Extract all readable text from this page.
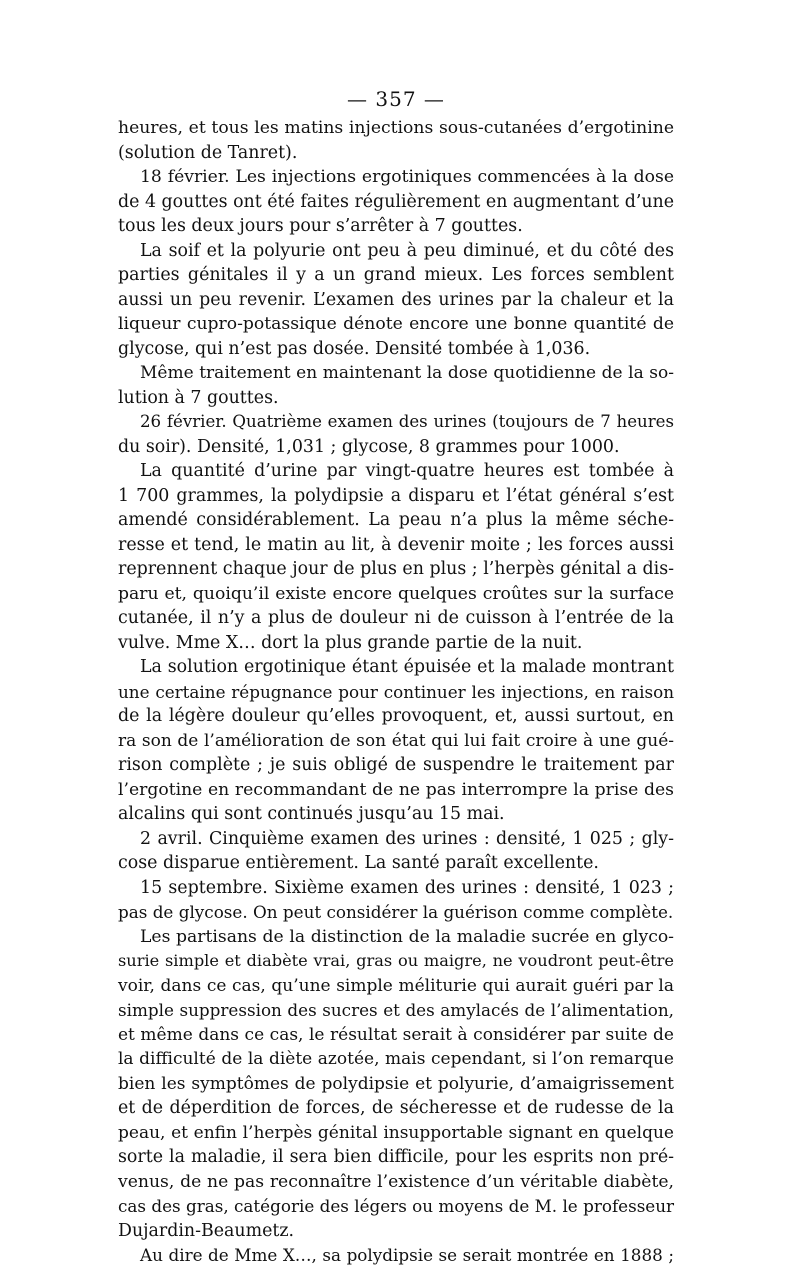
— 357 —
heures, et tous les matins injections sous-cutanées d’ergotinine
(solution de Tanret).
18 février. Les injections ergotiniques commencées à la dose
de 4 gouttes ont été faites régulièrement en augmentant d’une
tous les deux jours pour s’arrêter à 7 gouttes.
La soif et la polyurie ont peu à peu diminué, et du côté des
parties génitales il y a un grand mieux. Les forces semblent
aussi un peu revenir. L’examen des urines par la chaleur et la
liqueur cupro-potassique dénote encore une bonne quantité de
glycose, qui n’est pas dosée. Densité tombée à 1,036.
Même traitement en maintenant la dose quotidienne de la so-
lution à 7 gouttes.
26 février. Quatrième examen des urines (toujours de 7 heures
du soir). Densité, 1,031 ; glycose, 8 grammes pour 1000.
La quantité d’urine par vingt-quatre heures est tombée à
1 700 grammes, la polydipsie a disparu et l’état général s’est
amendé considérablement. La peau n’a plus la même séche-
resse et tend, le matin au lit, à devenir moite ; les forces aussi
reprennent chaque jour de plus en plus ; l’herpès génital a dis-
paru et, quoiqu’il existe encore quelques croûtes sur la surface
cutanée, il n’y a plus de douleur ni de cuisson à l’entrée de la
vulve. Mme X… dort la plus grande partie de la nuit.
La solution ergotinique étant épuisée et la malade montrant
une certaine répugnance pour continuer les injections, en raison
de la légère douleur qu’elles provoquent, et, aussi surtout, en
ra son de l’amélioration de son état qui lui fait croire à une gué-
rison complète ; je suis obligé de suspendre le traitement par
l’ergotine en recommandant de ne pas interrompre la prise des
alcalins qui sont continués jusqu’au 15 mai.
2 avril. Cinquième examen des urines : densité, 1 025 ; gly-
cose disparue entièrement. La santé paraît excellente.
15 septembre. Sixième examen des urines : densité, 1 023 ;
pas de glycose. On peut considérer la guérison comme complète.
Les partisans de la distinction de la maladie sucrée en glyco-
surie simple et diabète vrai, gras ou maigre, ne voudront peut-être
voir, dans ce cas, qu’une simple méliturie qui aurait guéri par la
simple suppression des sucres et des amylacés de l’alimentation,
et même dans ce cas, le résultat serait à considérer par suite de
la difficulté de la diète azotée, mais cependant, si l’on remarque
bien les symptômes de polydipsie et polyurie, d’amaigrissement
et de déperdition de forces, de sécheresse et de rudesse de la
peau, et enfin l’herpès génital insupportable signant en quelque
sorte la maladie, il sera bien difficile, pour les esprits non pré-
venus, de ne pas reconnaître l’existence d’un véritable diabète,
cas des gras, catégorie des légers ou moyens de M. le professeur
Dujardin-Beaumetz.
Au dire de Mme X…, sa polydipsie se serait montrée en 1888 ;
